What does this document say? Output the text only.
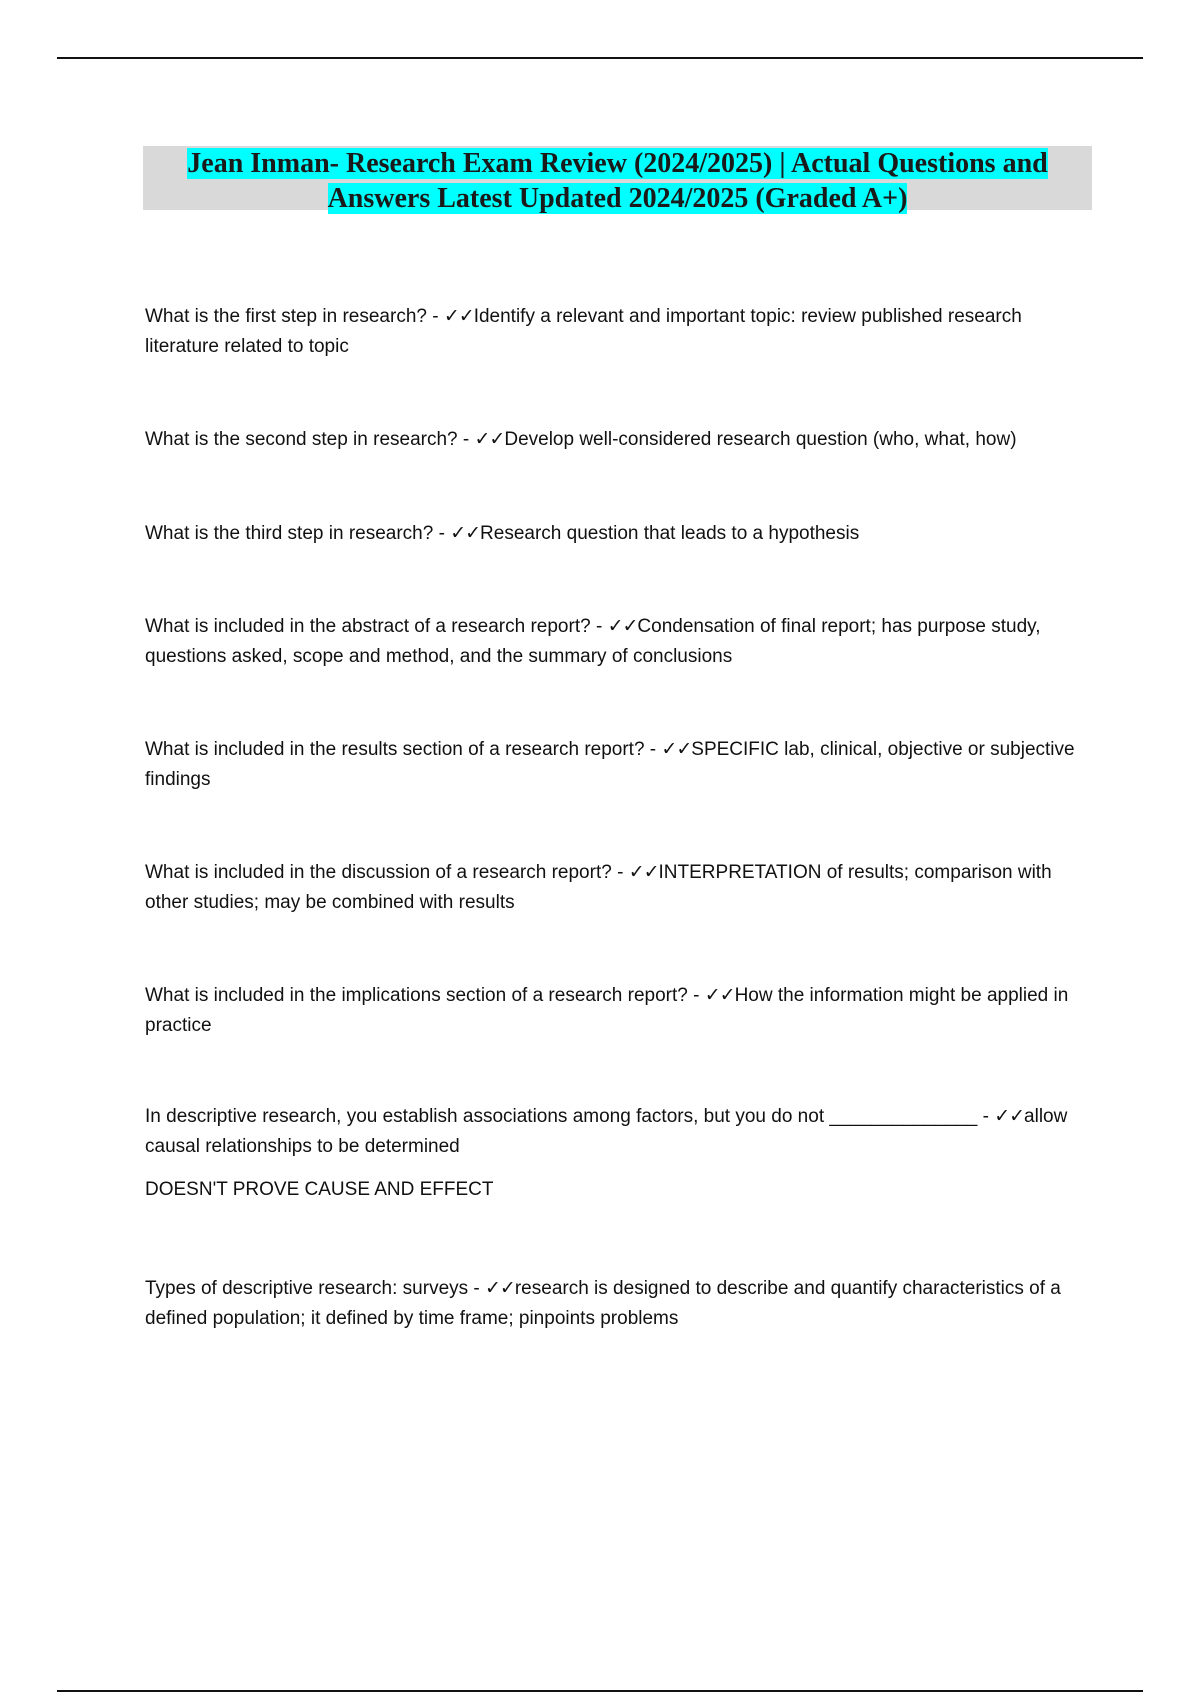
Jean Inman- Research Exam Review (2024/2025) | Actual Questions and
Answers Latest Updated 2024/2025 (Graded A+)
What is the first step in research? - ✓✓Identify a relevant and important topic: review published research literature related to topic
What is the second step in research? - ✓✓Develop well-considered research question (who, what, how)
What is the third step in research? - ✓✓Research question that leads to a hypothesis
What is included in the abstract of a research report? - ✓✓Condensation of final report; has purpose study, questions asked, scope and method, and the summary of conclusions
What is included in the results section of a research report? - ✓✓SPECIFIC lab, clinical, objective or subjective findings
What is included in the discussion of a research report? - ✓✓INTERPRETATION of results; comparison with other studies; may be combined with results
What is included in the implications section of a research report? - ✓✓How the information might be applied in practice
In descriptive research, you establish associations among factors, but you do not ______________ - ✓✓allow causal relationships to be determined
DOESN'T PROVE CAUSE AND EFFECT
Types of descriptive research: surveys - ✓✓research is designed to describe and quantify characteristics of a defined population; it defined by time frame; pinpoints problems
